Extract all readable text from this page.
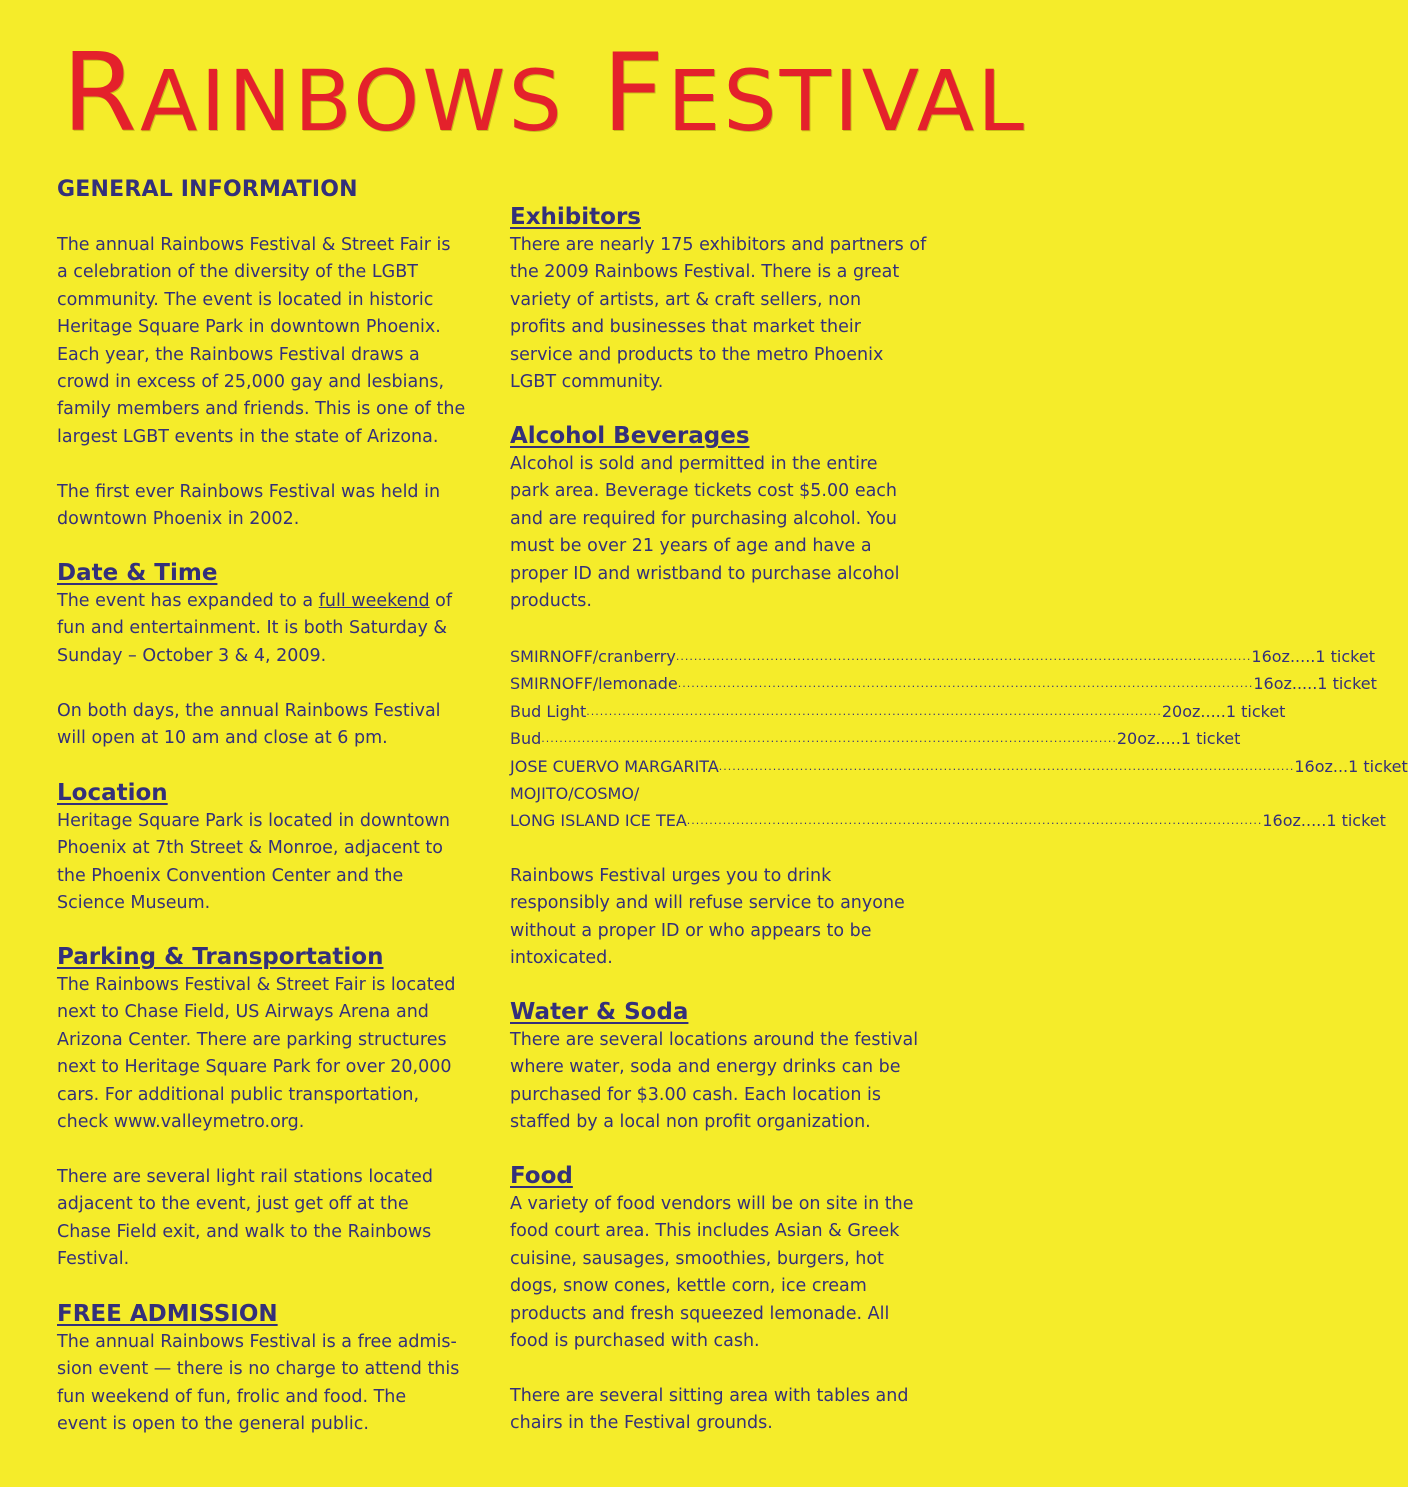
RAINBOWS FESTIVAL
GENERAL INFORMATION

The annual Rainbows Festival & Street Fair is

a celebration of the diversity of the LGBT

community. The event is located in historic

Heritage Square Park in downtown Phoenix.

Each year, the Rainbows Festival draws a

crowd in excess of 25,000 gay and lesbians,

family members and friends. This is one of the

largest LGBT events in the state of Arizona.

The first ever Rainbows Festival was held in

downtown Phoenix in 2002.

Date & Time

The event has expanded to a full weekend of

fun and entertainment. It is both Saturday &

Sunday – October 3 & 4, 2009.

On both days, the annual Rainbows Festival

will open at 10 am and close at 6 pm.

Location

Heritage Square Park is located in downtown

Phoenix at 7th Street & Monroe, adjacent to

the Phoenix Convention Center and the

Science Museum.

Parking & Transportation

The Rainbows Festival & Street Fair is located

next to Chase Field, US Airways Arena and

Arizona Center. There are parking structures

next to Heritage Square Park for over 20,000

cars. For additional public transportation,

check www.valleymetro.org.

There are several light rail stations located

adjacent to the event, just get off at the

Chase Field exit, and walk to the Rainbows

Festival.

FREE ADMISSION

The annual Rainbows Festival is a free admis-

sion event — there is no charge to attend this

fun weekend of fun, frolic and food. The

event is open to the general public.

Exhibitors

There are nearly 175 exhibitors and partners of

the 2009 Rainbows Festival. There is a great

variety of artists, art & craft sellers, non

profits and businesses that market their

service and products to the metro Phoenix

LGBT community.

Alcohol Beverages

Alcohol is sold and permitted in the entire

park area. Beverage tickets cost $5.00 each

and are required for purchasing alcohol. You

must be over 21 years of age and have a

proper ID and wristband to purchase alcohol

products.

SMIRNOFF/cranberry .....	16oz .....1 ticket
SMIRNOFF/lemonade .....	16oz .....1 ticket
Bud Light .....	20oz .....1 ticket
Bud .....	20oz .....1 ticket
JOSE CUERVO MARGARITA .....	16oz ...1 ticket
MOJITO/COSMO/
LONG ISLAND ICE TEA .....	16oz .....1 ticket

Rainbows Festival urges you to drink

responsibly and will refuse service to anyone

without a proper ID or who appears to be

intoxicated.

Water & Soda

There are several locations around the festival

where water, soda and energy drinks can be

purchased for $3.00 cash. Each location is

staffed by a local non profit organization.

Food

A variety of food vendors will be on site in the

food court area. This includes Asian & Greek

cuisine, sausages, smoothies, burgers, hot

dogs, snow cones, kettle corn, ice cream

products and fresh squeezed lemonade. All

food is purchased with cash.

There are several sitting area with tables and

chairs in the Festival grounds.
